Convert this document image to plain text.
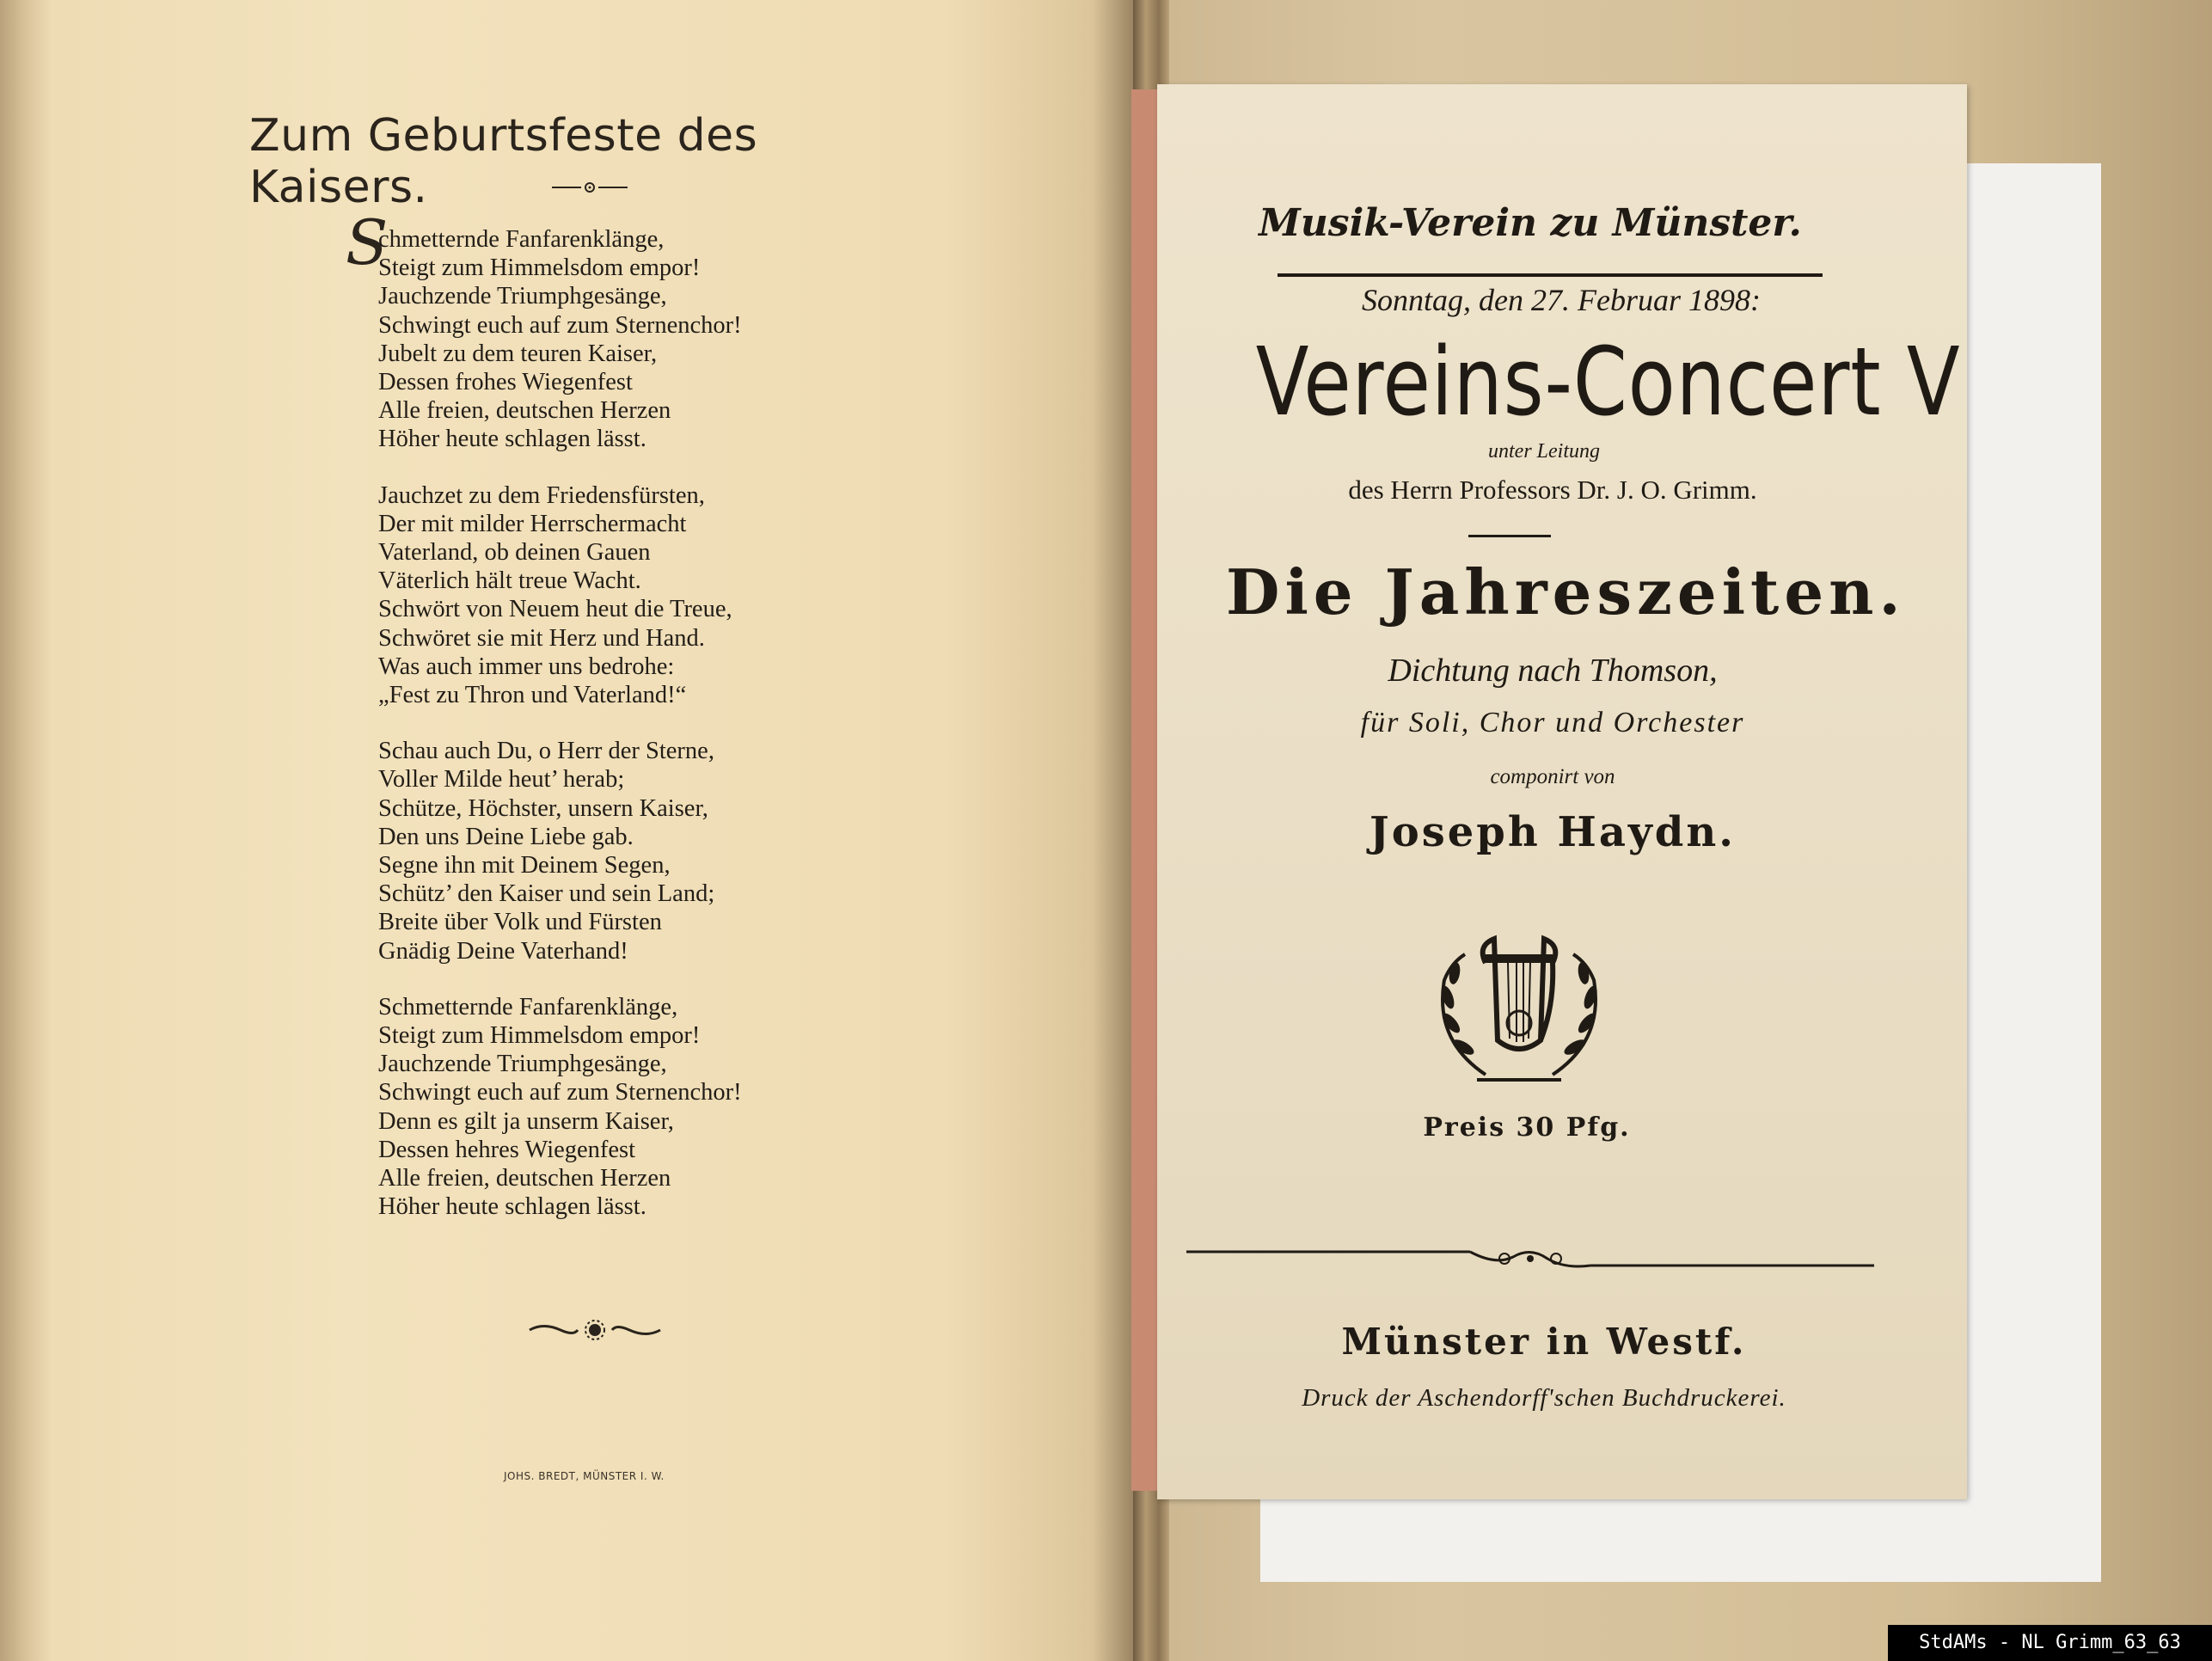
Zum Geburtsfeste des Kaisers.
S
chmetternde Fanfarenklänge,
Steigt zum Himmelsdom empor!
Jauchzende Triumphgesänge,
Schwingt euch auf zum Sternenchor!
Jubelt zu dem teuren Kaiser,
Dessen frohes Wiegenfest
Alle freien, deutschen Herzen
Höher heute schlagen lässt.
Jauchzet zu dem Friedensfürsten,
Der mit milder Herrschermacht
Vaterland, ob deinen Gauen
Väterlich hält treue Wacht.
Schwört von Neuem heut die Treue,
Schwöret sie mit Herz und Hand.
Was auch immer uns bedrohe:
„Fest zu Thron und Vaterland!“
Schau auch Du, o Herr der Sterne,
Voller Milde heut’ herab;
Schütze, Höchster, unsern Kaiser,
Den uns Deine Liebe gab.
Segne ihn mit Deinem Segen,
Schütz’ den Kaiser und sein Land;
Breite über Volk und Fürsten
Gnädig Deine Vaterhand!
Schmetternde Fanfarenklänge,
Steigt zum Himmelsdom empor!
Jauchzende Triumphgesänge,
Schwingt euch auf zum Sternenchor!
Denn es gilt ja unserm Kaiser,
Dessen hehres Wiegenfest
Alle freien, deutschen Herzen
Höher heute schlagen lässt.
JOHS. BREDT, MÜNSTER I. W.
Musik-Verein zu Münster.
Sonntag, den 27. Februar 1898:
Vereins-Concert V
unter Leitung
des Herrn Professors Dr. J. O. Grimm.
Die Jahreszeiten.
Dichtung nach Thomson,
für Soli, Chor und Orchester
componirt von
Joseph Haydn.
Preis 30 Pfg.
Münster in Westf.
Druck der Aschendorff'schen Buchdruckerei.
StdAMs - NL Grimm_63_63
